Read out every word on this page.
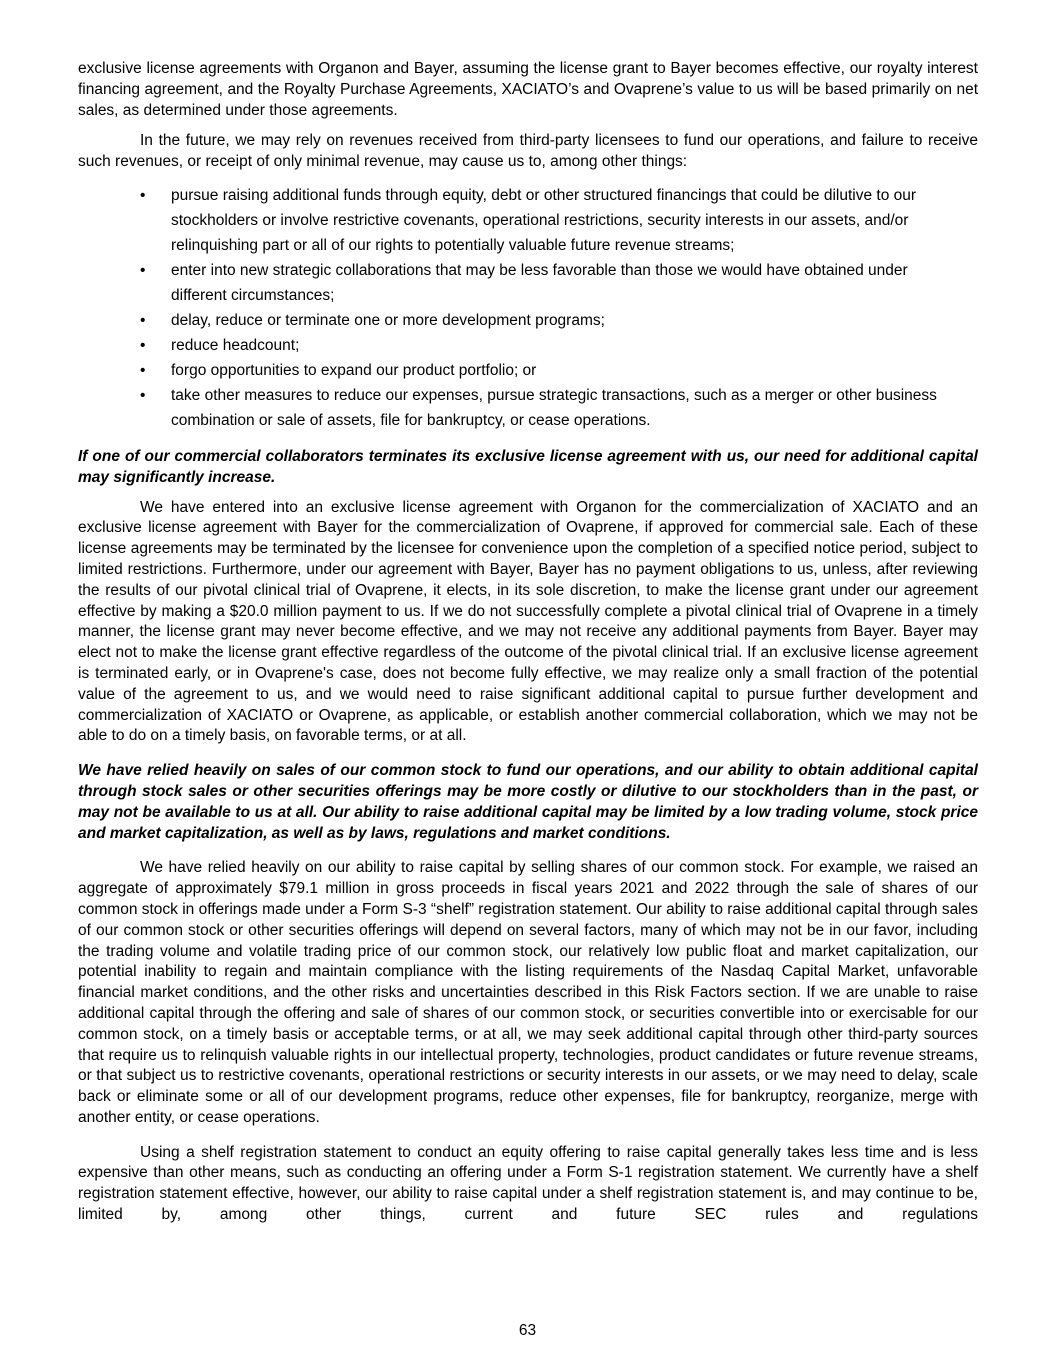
exclusive license agreements with Organon and Bayer, assuming the license grant to Bayer becomes effective, our royalty interest financing agreement, and the Royalty Purchase Agreements, XACIATO’s and Ovaprene’s value to us will be based primarily on net sales, as determined under those agreements.

In the future, we may rely on revenues received from third-party licensees to fund our operations, and failure to receive such revenues, or receipt of only minimal revenue, may cause us to, among other things:

• pursue raising additional funds through equity, debt or other structured financings that could be dilutive to our stockholders or involve restrictive covenants, operational restrictions, security interests in our assets, and/or relinquishing part or all of our rights to potentially valuable future revenue streams;
• enter into new strategic collaborations that may be less favorable than those we would have obtained under different circumstances;
• delay, reduce or terminate one or more development programs;
• reduce headcount;
• forgo opportunities to expand our product portfolio; or
• take other measures to reduce our expenses, pursue strategic transactions, such as a merger or other business combination or sale of assets, file for bankruptcy, or cease operations.

If one of our commercial collaborators terminates its exclusive license agreement with us, our need for additional capital may significantly increase.

We have entered into an exclusive license agreement with Organon for the commercialization of XACIATO and an exclusive license agreement with Bayer for the commercialization of Ovaprene, if approved for commercial sale. Each of these license agreements may be terminated by the licensee for convenience upon the completion of a specified notice period, subject to limited restrictions. Furthermore, under our agreement with Bayer, Bayer has no payment obligations to us, unless, after reviewing the results of our pivotal clinical trial of Ovaprene, it elects, in its sole discretion, to make the license grant under our agreement effective by making a $20.0 million payment to us. If we do not successfully complete a pivotal clinical trial of Ovaprene in a timely manner, the license grant may never become effective, and we may not receive any additional payments from Bayer. Bayer may elect not to make the license grant effective regardless of the outcome of the pivotal clinical trial. If an exclusive license agreement is terminated early, or in Ovaprene's case, does not become fully effective, we may realize only a small fraction of the potential value of the agreement to us, and we would need to raise significant additional capital to pursue further development and commercialization of XACIATO or Ovaprene, as applicable, or establish another commercial collaboration, which we may not be able to do on a timely basis, on favorable terms, or at all.

We have relied heavily on sales of our common stock to fund our operations, and our ability to obtain additional capital through stock sales or other securities offerings may be more costly or dilutive to our stockholders than in the past, or may not be available to us at all. Our ability to raise additional capital may be limited by a low trading volume, stock price and market capitalization, as well as by laws, regulations and market conditions.

We have relied heavily on our ability to raise capital by selling shares of our common stock. For example, we raised an aggregate of approximately $79.1 million in gross proceeds in fiscal years 2021 and 2022 through the sale of shares of our common stock in offerings made under a Form S-3 “shelf” registration statement. Our ability to raise additional capital through sales of our common stock or other securities offerings will depend on several factors, many of which may not be in our favor, including the trading volume and volatile trading price of our common stock, our relatively low public float and market capitalization, our potential inability to regain and maintain compliance with the listing requirements of the Nasdaq Capital Market, unfavorable financial market conditions, and the other risks and uncertainties described in this Risk Factors section. If we are unable to raise additional capital through the offering and sale of shares of our common stock, or securities convertible into or exercisable for our common stock, on a timely basis or acceptable terms, or at all, we may seek additional capital through other third-party sources that require us to relinquish valuable rights in our intellectual property, technologies, product candidates or future revenue streams, or that subject us to restrictive covenants, operational restrictions or security interests in our assets, or we may need to delay, scale back or eliminate some or all of our development programs, reduce other expenses, file for bankruptcy, reorganize, merge with another entity, or cease operations.

Using a shelf registration statement to conduct an equity offering to raise capital generally takes less time and is less expensive than other means, such as conducting an offering under a Form S-1 registration statement. We currently have a shelf registration statement effective, however, our ability to raise capital under a shelf registration statement is, and may continue to be, limited by, among other things, current and future SEC rules and regulations

63
